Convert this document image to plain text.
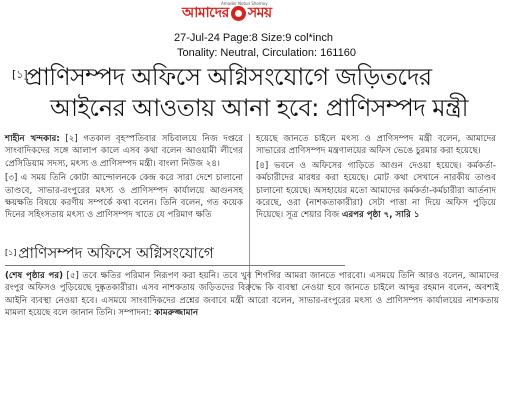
Amader Notun Shomoy
আমাদের সময়
27-Jul-24 Page:8 Size:9 col*inch
Tonality: Neutral, Circulation: 161160
[১]
প্রাণিসম্পদ অফিসে অগ্নিসংযোগে জড়িতদের
আইনের আওতায় আনা হবে: প্রাণিসম্পদ মন্ত্রী

শাহীন খন্দকার: [২] গতকাল বৃহস্পতিবার সচিবালয়ে নিজ দপ্তরে সাংবাদিকদের সঙ্গে আলাপ কালে এসব কথা বলেন আওয়ামী লীগের প্রেসিডিয়াম সদস্য, মৎস্য ও প্রাণিসম্পদ মন্ত্রী। বাংলা নিউজ ২৪।

[৩] এ সময় তিনি কোটা আন্দোলনকে কেন্দ্র করে সারা দেশে চালানো তাণ্ডবে, সাভার-রংপুরের মৎস্য ও প্রাণিসম্পদ কার্যালয়ে আগুনসহ ক্ষয়ক্ষতি বিষয়ে করণীয় সম্পর্কে কথা বলেন। তিনি বলেন, গত কয়েক দিনের সহিংসতায় মৎস্য ও প্রাণিসম্পদ খাতে যে পরিমাণ ক্ষতি

হয়েছে জানতে চাইলে মৎস্য ও প্রাণিসম্পদ মন্ত্রী বলেন, আমাদের সাভারের প্রাণিসম্পদ মন্ত্রণালয়ের অফিস ভেঙে চুরমার করা হয়েছে।

[৪] ভবনে ও অফিসের গাড়িতে আগুন দেওয়া হয়েছে। কর্মকর্তা-কর্মচারীদের মারধর করা হয়েছে। মোট কথা সেখানে নারকীয় তাণ্ডব চালানো হয়েছে। অসহায়ের মতো আমাদের কর্মকর্তা-কর্মচারীরা আর্তনাদ করেছে, ওরা (নাশকতাকারীরা) সেটা পাত্তা না দিয়ে অফিস পুড়িয়ে দিয়েছে। সূত্র শেয়ার বিজ এরপর পৃষ্ঠা ৭, সারি ১

[১] প্রাণিসম্পদ অফিসে অগ্নিসংযোগে

(শেষ পৃষ্ঠার পর) [৫] তবে ক্ষতির পরিমান নিরূপণ করা হয়নি। তবে খুব শিগগির আমরা জানতে পারবো। এসময়ে তিনি আরও বলেন, আমাদের রংপুর অফিসও পুড়িয়েছে দুষ্কৃতকারীরা। এসব নাশকতায় জড়িতদের বিরুদ্ধে কি ব্যবস্থা নেওয়া হবে জানতে চাইলে আব্দুর রহমান বলেন, অবশ্যই আইনি ব্যবস্থা নেওয়া হবে। এসময়ে সাংবাদিকদের প্রশ্নের জবাবে মন্ত্রী আরো বলেন, সাভার-রংপুরের মৎস্য ও প্রাণিসম্পদ কার্যালয়ের নাশকতায় মামলা হয়েছে বলে জানান তিনি। সম্পাদনা: কামরুজ্জামান
